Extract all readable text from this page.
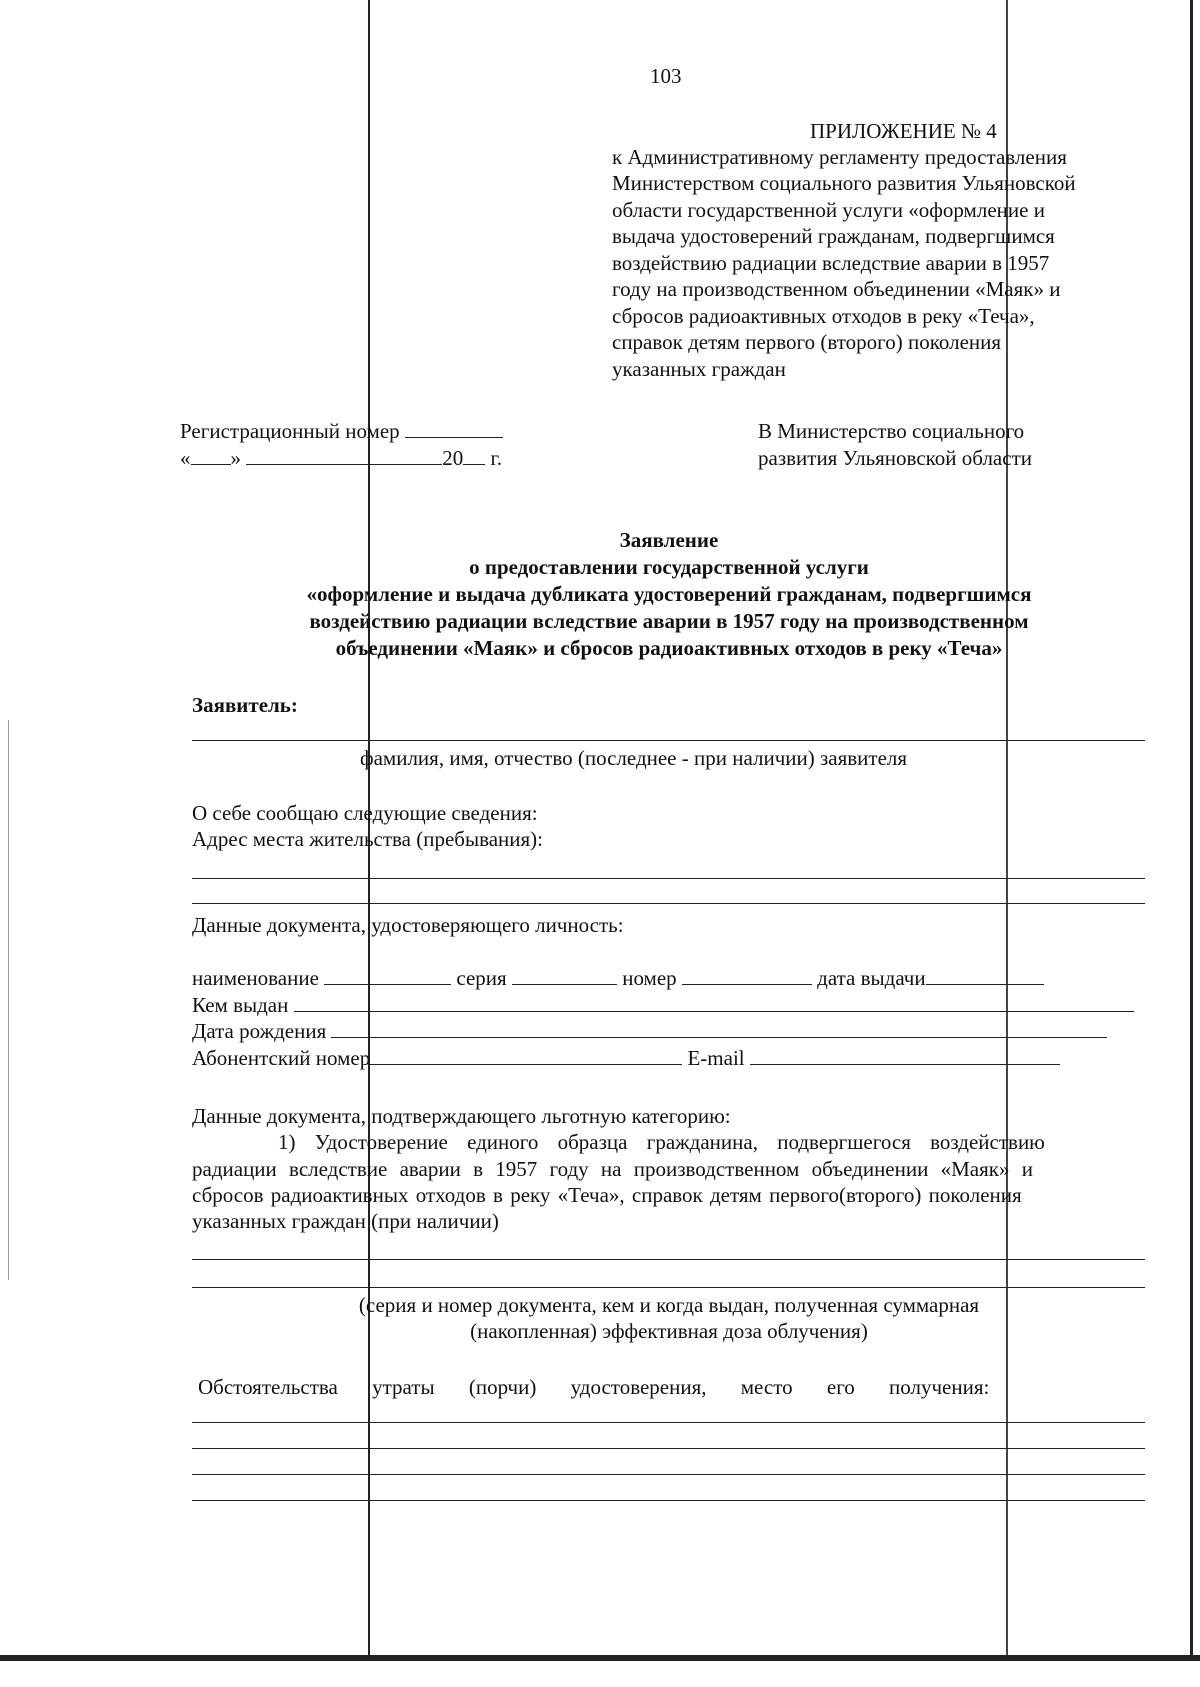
103
ПРИЛОЖЕНИЕ № 4
к Административному регламенту предоставления
Министерством социального развития Ульяновской
области государственной услуги «оформление и
выдача удостоверений гражданам, подвергшимся
воздействию радиации вследствие аварии в 1957
году на производственном объединении «Маяк» и
сбросов радиоактивных отходов в реку «Теча»,
справок детям первого (второго) поколения
указанных граждан
Регистрационный номер
« »	20 г.
В Министерство социального
развития Ульяновской области
Заявление
о предоставлении государственной услуги
«оформление и выдача дубликата удостоверений гражданам, подвергшимся
воздействию радиации вследствие аварии в 1957 году на производственном
объединении «Маяк» и сбросов радиоактивных отходов в реку «Теча»
Заявитель:
фамилия, имя, отчество (последнее - при наличии) заявителя
О себе сообщаю следующие сведения:
Адрес места жительства (пребывания):
Данные документа, удостоверяющего личность:
наименование	серия	номер	дата выдачи
Кем выдан
Дата рождения
Абонентский номер	E-mail
Данные документа, подтверждающего льготную категорию:
1) Удостоверение единого образца гражданина, подвергшегося воздействию
радиации вследствие аварии в 1957 году на производственном объединении «Маяк» и
сбросов радиоактивных отходов в реку «Теча», справок детям первого(второго) поколения
указанных граждан (при наличии)
(серия и номер документа, кем и когда выдан, полученная суммарная
(накопленная) эффективная доза облучения)
Обстоятельства утраты (порчи) удостоверения, место его получения:
